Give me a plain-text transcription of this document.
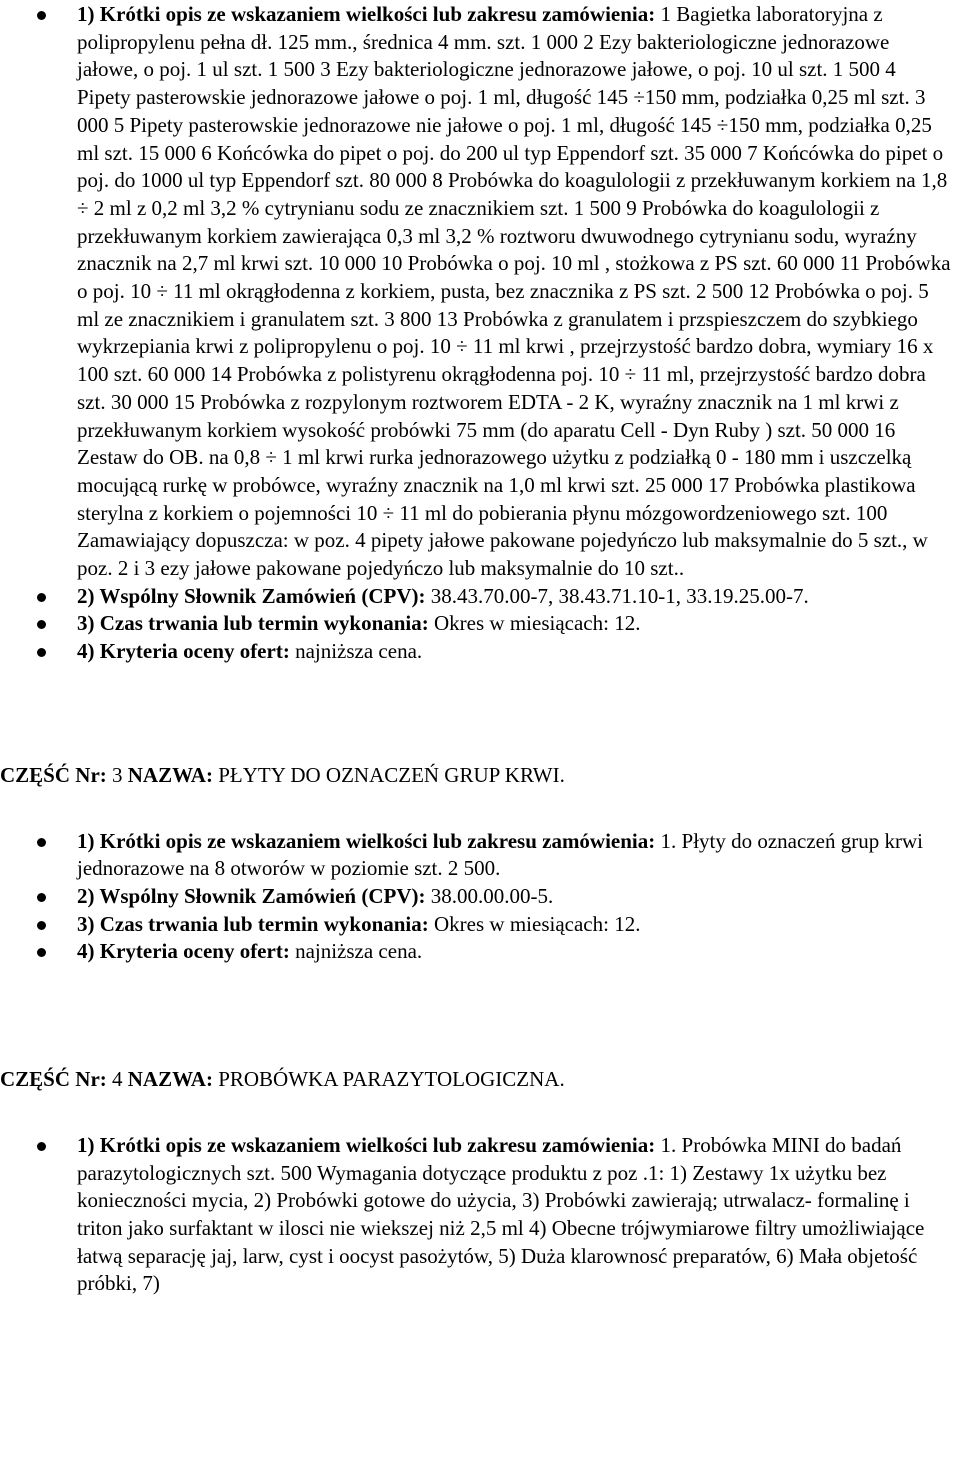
1) Krótki opis ze wskazaniem wielkości lub zakresu zamówienia: 1 Bagietka laboratoryjna z polipropylenu pełna dł. 125 mm., średnica 4 mm. szt. 1 000 2 Ezy bakteriologiczne jednorazowe jałowe, o poj. 1 ul szt. 1 500 3 Ezy bakteriologiczne jednorazowe jałowe, o poj. 10 ul szt. 1 500 4 Pipety pasterowskie jednorazowe jałowe o poj. 1 ml, długość 145 ÷150 mm, podziałka 0,25 ml szt. 3 000 5 Pipety pasterowskie jednorazowe nie jałowe o poj. 1 ml, długość 145 ÷150 mm, podziałka 0,25 ml szt. 15 000 6 Końcówka do pipet o poj. do 200 ul typ Eppendorf szt. 35 000 7 Końcówka do pipet o poj. do 1000 ul typ Eppendorf szt. 80 000 8 Probówka do koagulologii z przekłuwanym korkiem na 1,8 ÷ 2 ml z 0,2 ml 3,2 % cytrynianu sodu ze znacznikiem szt. 1 500 9 Probówka do koagulologii z przekłuwanym korkiem zawierająca 0,3 ml 3,2 % roztworu dwuwodnego cytrynianu sodu, wyraźny znacznik na 2,7 ml krwi szt. 10 000 10 Probówka o poj. 10 ml , stożkowa z PS szt. 60 000 11 Probówka o poj. 10 ÷ 11 ml okrągłodenna z korkiem, pusta, bez znacznika z PS szt. 2 500 12 Probówka o poj. 5 ml ze znacznikiem i granulatem szt. 3 800 13 Probówka z granulatem i przspieszczem do szybkiego wykrzepiania krwi z polipropylenu o poj. 10 ÷ 11 ml krwi , przejrzystość bardzo dobra, wymiary 16 x 100 szt. 60 000 14 Probówka z polistyrenu okrągłodenna poj. 10 ÷ 11 ml, przejrzystość bardzo dobra szt. 30 000 15 Probówka z rozpylonym roztworem EDTA - 2 K, wyraźny znacznik na 1 ml krwi z przekłuwanym korkiem wysokość probówki 75 mm (do aparatu Cell - Dyn Ruby ) szt. 50 000 16 Zestaw do OB. na 0,8 ÷ 1 ml krwi rurka jednorazowego użytku z podziałką 0 - 180 mm i uszczelką mocującą rurkę w probówce, wyraźny znacznik na 1,0 ml krwi szt. 25 000 17 Probówka plastikowa sterylna z korkiem o pojemności 10 ÷ 11 ml do pobierania płynu mózgowordzeniowego szt. 100 Zamawiający dopuszcza: w poz. 4 pipety jałowe pakowane pojedyńczo lub maksymalnie do 5 szt., w poz. 2 i 3 ezy jałowe pakowane pojedyńczo lub maksymalnie do 10 szt..
2) Wspólny Słownik Zamówień (CPV): 38.43.70.00-7, 38.43.71.10-1, 33.19.25.00-7.
3) Czas trwania lub termin wykonania: Okres w miesiącach: 12.
4) Kryteria oceny ofert: najniższa cena.

CZĘŚĆ Nr: 3 NAZWA: PŁYTY DO OZNACZEŃ GRUP KRWI.

1) Krótki opis ze wskazaniem wielkości lub zakresu zamówienia: 1. Płyty do oznaczeń grup krwi jednorazowe na 8 otworów w poziomie szt. 2 500.
2) Wspólny Słownik Zamówień (CPV): 38.00.00.00-5.
3) Czas trwania lub termin wykonania: Okres w miesiącach: 12.
4) Kryteria oceny ofert: najniższa cena.

CZĘŚĆ Nr: 4 NAZWA: PROBÓWKA PARAZYTOLOGICZNA.

1) Krótki opis ze wskazaniem wielkości lub zakresu zamówienia: 1. Probówka MINI do badań parazytologicznych szt. 500 Wymagania dotyczące produktu z poz .1: 1) Zestawy 1x użytku bez konieczności mycia, 2) Probówki gotowe do użycia, 3) Probówki zawierają; utrwalacz- formalinę i triton jako surfaktant w ilosci nie wiekszej niż 2,5 ml 4) Obecne trójwymiarowe filtry umożliwiające łatwą separację jaj, larw, cyst i oocyst pasożytów, 5) Duża klarownosć preparatów, 6) Mała objetość próbki, 7)
